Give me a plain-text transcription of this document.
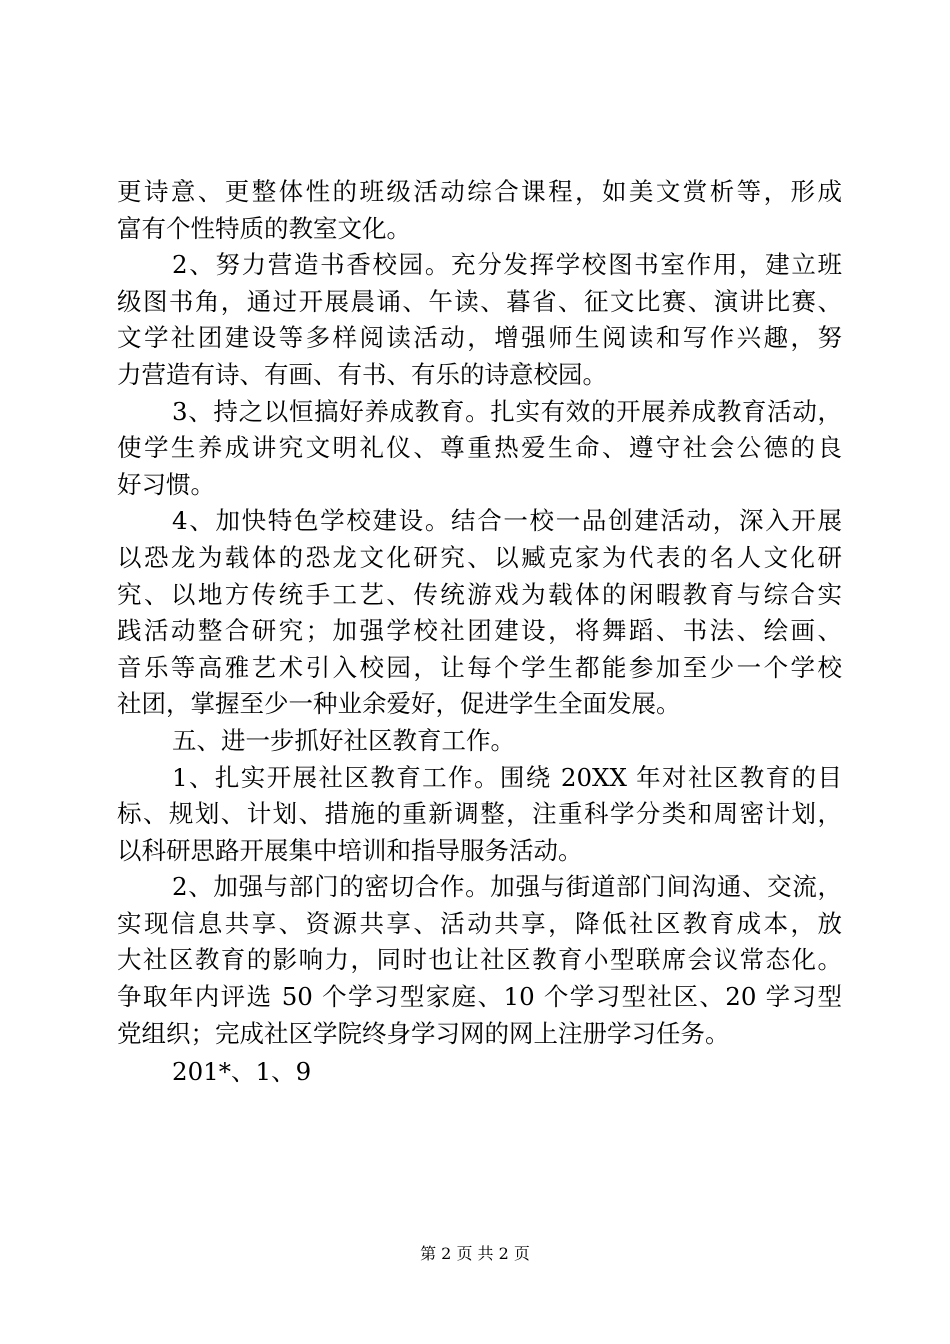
更诗意、更整体性的班级活动综合课程，如美文赏析等，形成
富有个性特质的教室文化。
2、努力营造书香校园。充分发挥学校图书室作用，建立班
级图书角，通过开展晨诵、午读、暮省、征文比赛、演讲比赛、
文学社团建设等多样阅读活动，增强师生阅读和写作兴趣，努
力营造有诗、有画、有书、有乐的诗意校园。
3、持之以恒搞好养成教育。扎实有效的开展养成教育活动，
使学生养成讲究文明礼仪、尊重热爱生命、遵守社会公德的良
好习惯。
4、加快特色学校建设。结合一校一品创建活动，深入开展
以恐龙为载体的恐龙文化研究、以臧克家为代表的名人文化研
究、以地方传统手工艺、传统游戏为载体的闲暇教育与综合实
践活动整合研究；加强学校社团建设，将舞蹈、书法、绘画、
音乐等高雅艺术引入校园，让每个学生都能参加至少一个学校
社团，掌握至少一种业余爱好，促进学生全面发展。
五、进一步抓好社区教育工作。
1、扎实开展社区教育工作。围绕 20XX 年对社区教育的目
标、规划、计划、措施的重新调整，注重科学分类和周密计划，
以科研思路开展集中培训和指导服务活动。
2、加强与部门的密切合作。加强与街道部门间沟通、交流，
实现信息共享、资源共享、活动共享，降低社区教育成本，放
大社区教育的影响力，同时也让社区教育小型联席会议常态化。
争取年内评选 50 个学习型家庭、10 个学习型社区、20 学习型
党组织；完成社区学院终身学习网的网上注册学习任务。
201*、1、9
第 2 页 共 2 页
